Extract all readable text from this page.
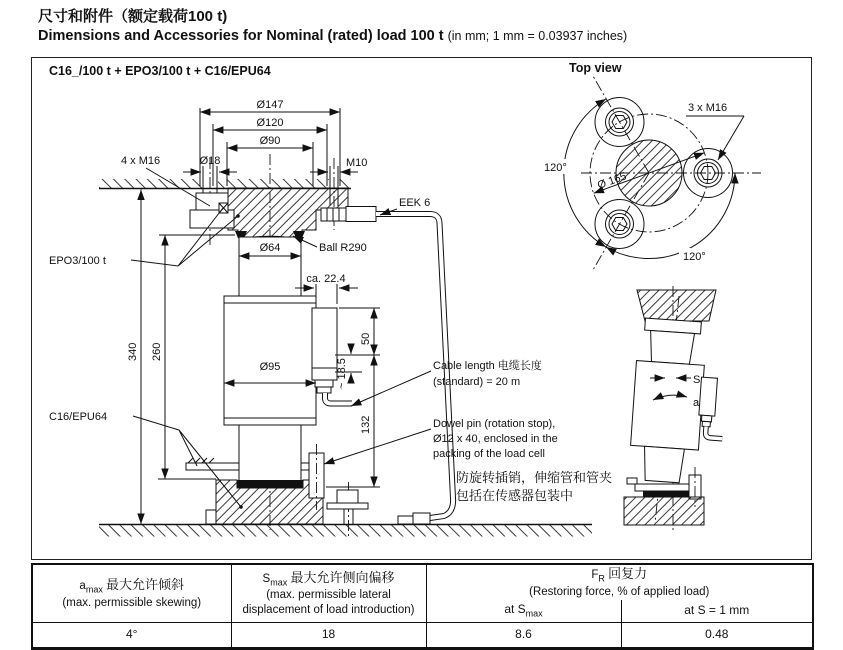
尺寸和附件（额定载荷100 t)
Dimensions and Accessories for Nominal (rated) load 100 t (in mm; 1 mm = 0.03937 inches)
C16_/100 t + EPO3/100 t + C16/EPU64
Ø147
Ø120
Ø90
Ø18	M10
4 x M16
EEK 6
EPO3/100 t
Ball R290
Ø64
ca. 22.4
Ø95
50
~ 18.5
132
340 260
C16/EPU64
Cable length 电缆长度
(standard) = 20 m
Dowel pin (rotation stop),
Ø12 x 40, enclosed in the
packing of the load cell
防旋转插销，伸缩管和管夹
包括在传感器包装中
Top view
Ø 165
120°
120°
3 x M16
S
a
$a_{max}$ 最大允许倾斜
(max. permissible skewing)	$S_{max}$ 最大允许侧向偏移
(max. permissible lateral
displacement of load introduction)	$F_R$ 回复力
(Restoring force, % of applied load)	
		at $S_{max}$	at S = 1 mm
4°	18	8.6	0.48
